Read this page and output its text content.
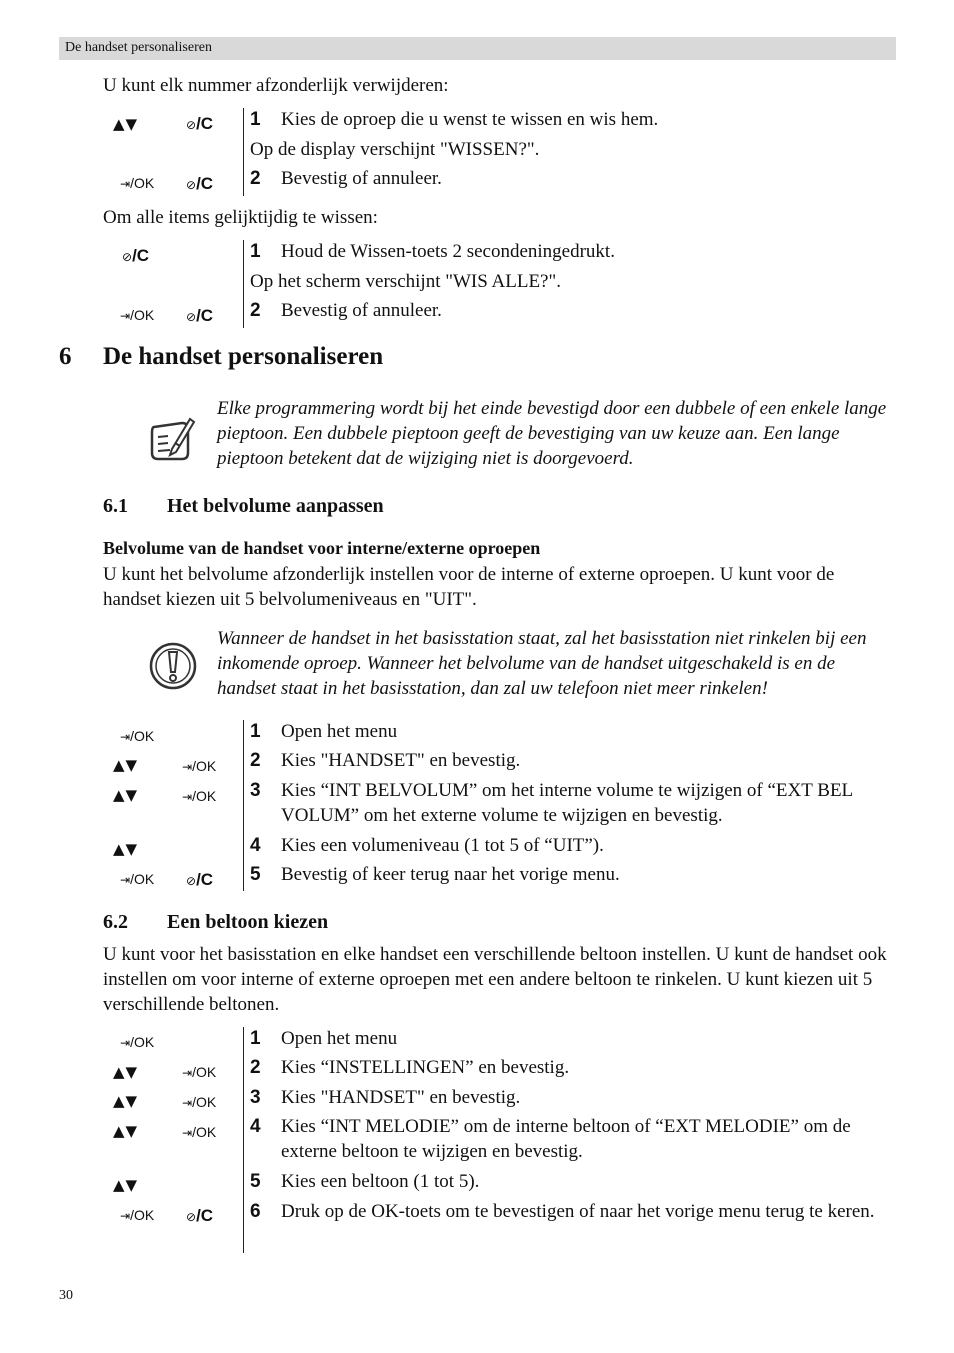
De handset personaliseren
U kunt elk nummer afzonderlijk verwijderen:
▲▼	⊘/C 1 Kies de oproep die u wenst te wissen en wis hem.
Op de display verschijnt "WISSEN?".
⇥/OK	⊘/C 2 Bevestig of annuleer.
Om alle items gelijktijdig te wissen:
⊘/C	1 Houd de Wissen-toets 2 secondeningedrukt.
Op het scherm verschijnt "WIS ALLE?".
⇥/OK	⊘/C 2 Bevestig of annuleer.
6 De handset personaliseren
Elke programmering wordt bij het einde bevestigd door een dubbele of een enkele lange pieptoon. Een dubbele pieptoon geeft de bevestiging van uw keuze aan. Een lange pieptoon betekent dat de wijziging niet is doorgevoerd.
6.1 Het belvolume aanpassen
Belvolume van de handset voor interne/externe oproepen
U kunt het belvolume afzonderlijk instellen voor de interne of externe oproepen. U kunt voor de handset kiezen uit 5 belvolumeniveaus en "UIT".
Wanneer de handset in het basisstation staat, zal het basisstation niet rinkelen bij een inkomende oproep. Wanneer het belvolume van de handset uitgeschakeld is en de handset staat in het basisstation, dan zal uw telefoon niet meer rinkelen!
⇥/OK	1 Open het menu
▲▼	⇥/OK 2 Kies "HANDSET" en bevestig.
▲▼	⇥/OK 3 Kies “INT BELVOLUM” om het interne volume te wijzigen of “EXT BEL VOLUM” om het externe volume te wijzigen en bevestig.
▲▼	4 Kies een volumeniveau (1 tot 5 of “UIT”).
⇥/OK	⊘/C 5 Bevestig of keer terug naar het vorige menu.
6.2 Een beltoon kiezen
U kunt voor het basisstation en elke handset een verschillende beltoon instellen. U kunt de handset ook instellen om voor interne of externe oproepen met een andere beltoon te rinkelen. U kunt kiezen uit 5 verschillende beltonen.
⇥/OK	1 Open het menu
▲▼	⇥/OK 2 Kies “INSTELLINGEN” en bevestig.
▲▼	⇥/OK 3 Kies "HANDSET" en bevestig.
▲▼	⇥/OK 4 Kies “INT MELODIE” om de interne beltoon of “EXT MELODIE” om de externe beltoon te wijzigen en bevestig.
▲▼	5 Kies een beltoon (1 tot 5).
⇥/OK	⊘/C 6 Druk op de OK-toets om te bevestigen of naar het vorige menu terug te keren.
30
